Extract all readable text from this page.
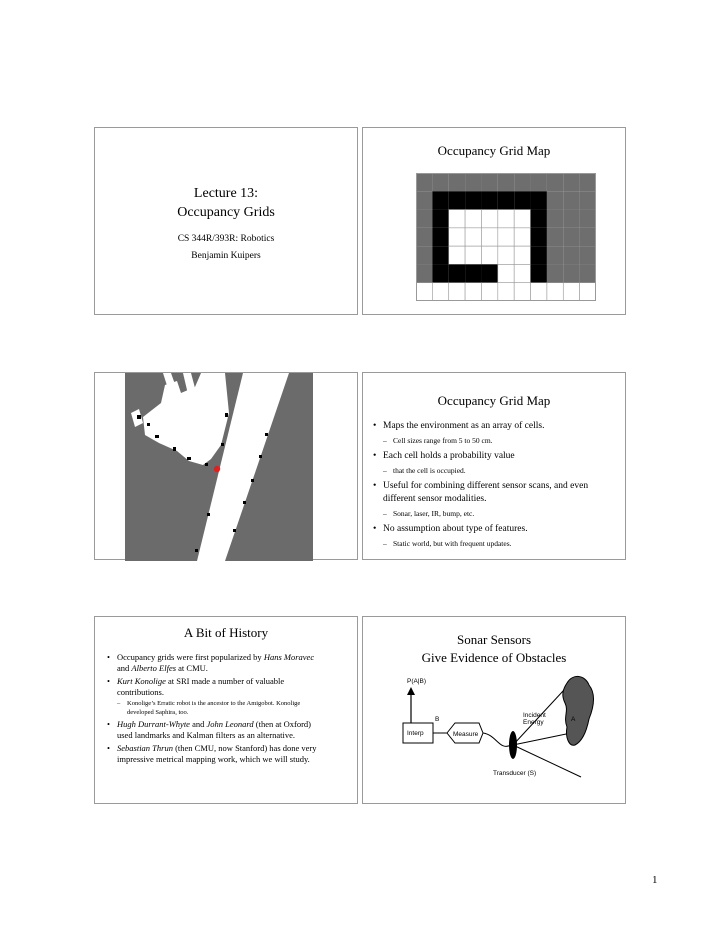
Lecture 13:
Occupancy Grids
CS 344R/393R: Robotics
Benjamin Kuipers
Occupancy Grid Map
Occupancy Grid Map
• Maps the environment as an array of cells.
– Cell sizes range from 5 to 50 cm.
• Each cell holds a probability value
– that the cell is occupied.
• Useful for combining different sensor scans, and even different sensor modalities.
– Sonar, laser, IR, bump, etc.
• No assumption about type of features.
– Static world, but with frequent updates.
A Bit of History
• Occupancy grids were first popularized by Hans Moravec and Alberto Elfes at CMU.
• Kurt Konolige at SRI made a number of valuable contributions.
– Konolige’s Erratic robot is the ancestor to the Amigobot. Konolige developed Saphira, too.
• Hugh Durrant-Whyte and John Leonard (then at Oxford) used landmarks and Kalman filters as an alternative.
• Sebastian Thrun (then CMU, now Stanford) has done very impressive metrical mapping work, which we will study.
Sonar Sensors
Give Evidence of Obstacles
P(A|B)
Interp
B
Measure
Transducer (S)
Incident
Energy	A
1
